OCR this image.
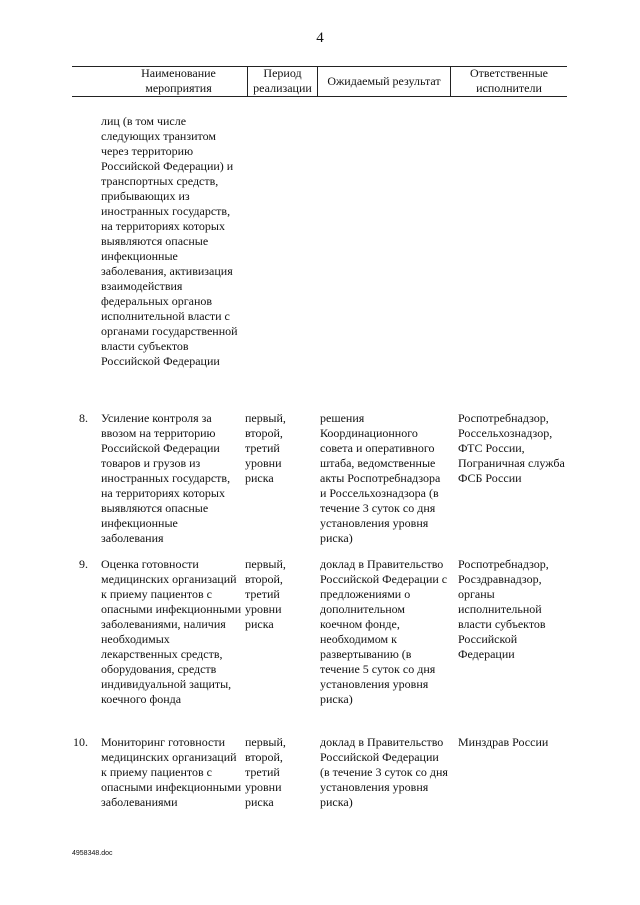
4
Наименование мероприятия
Период реализации
Ожидаемый результат
Ответственные исполнители
лиц (в том числе следующих транзитом через территорию Российской Федерации) и транспортных средств, прибывающих из иностранных государств, на территориях которых выявляются опасные инфекционные заболевания, активизация взаимодействия федеральных органов исполнительной власти с органами государственной власти субъектов Российской Федерации
8. Усиление контроля за ввозом на территорию Российской Федерации товаров и грузов из иностранных государств, на территориях которых выявляются опасные инфекционные заболевания
первый, второй, третий уровни риска
решения Координационного совета и оперативного штаба, ведомственные акты Роспотребнадзора и Россельхознадзора (в течение 3 суток со дня установления уровня риска)
Роспотребнадзор, Россельхознадзор, ФТС России, Пограничная служба ФСБ России
9. Оценка готовности медицинских организаций к приему пациентов с опасными инфекционными заболеваниями, наличия необходимых лекарственных средств, оборудования, средств индивидуальной защиты, коечного фонда
первый, второй, третий уровни риска
доклад в Правительство Российской Федерации с предложениями о дополнительном коечном фонде, необходимом к развертыванию (в течение 5 суток со дня установления уровня риска)
Роспотребнадзор, Росздравнадзор, органы исполнительной власти субъектов Российской Федерации
10. Мониторинг готовности медицинских организаций к приему пациентов с опасными инфекционными заболеваниями
первый, второй, третий уровни риска
доклад в Правительство Российской Федерации (в течение 3 суток со дня установления уровня риска)
Минздрав России
4958348.doc
